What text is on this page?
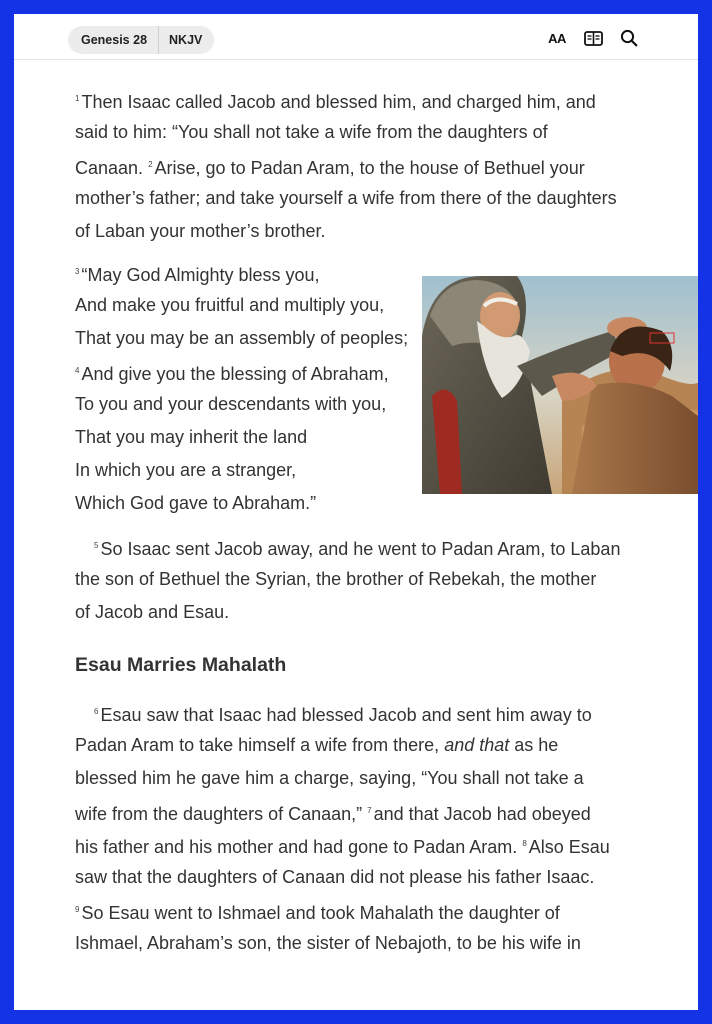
Genesis 28	NKJV	AA
$^1$ Then Isaac called Jacob and blessed him, and charged him, and
said to him: “You shall not take a wife from the daughters of
Canaan. $^2$ Arise, go to Padan Aram, to the house of Bethuel your
mother’s father; and take yourself a wife from there of the daughters
of Laban your mother’s brother.
$^3$ “May God Almighty bless you,
And make you fruitful and multiply you,
That you may be an assembly of peoples;
$^4$ And give you the blessing of Abraham,
To you and your descendants with you,
That you may inherit the land
In which you are a stranger,
Which God gave to Abraham.”
$^5$ So Isaac sent Jacob away, and he went to Padan Aram, to Laban
the son of Bethuel the Syrian, the brother of Rebekah, the mother
of Jacob and Esau.
Esau Marries Mahalath
$^6$ Esau saw that Isaac had blessed Jacob and sent him away to
Padan Aram to take himself a wife from there, and that as he
blessed him he gave him a charge, saying, “You shall not take a
wife from the daughters of Canaan,” $^7$ and that Jacob had obeyed
his father and his mother and had gone to Padan Aram. $^8$ Also Esau
saw that the daughters of Canaan did not please his father Isaac.
$^9$ So Esau went to Ishmael and took Mahalath the daughter of
Ishmael, Abraham’s son, the sister of Nebajoth, to be his wife in
